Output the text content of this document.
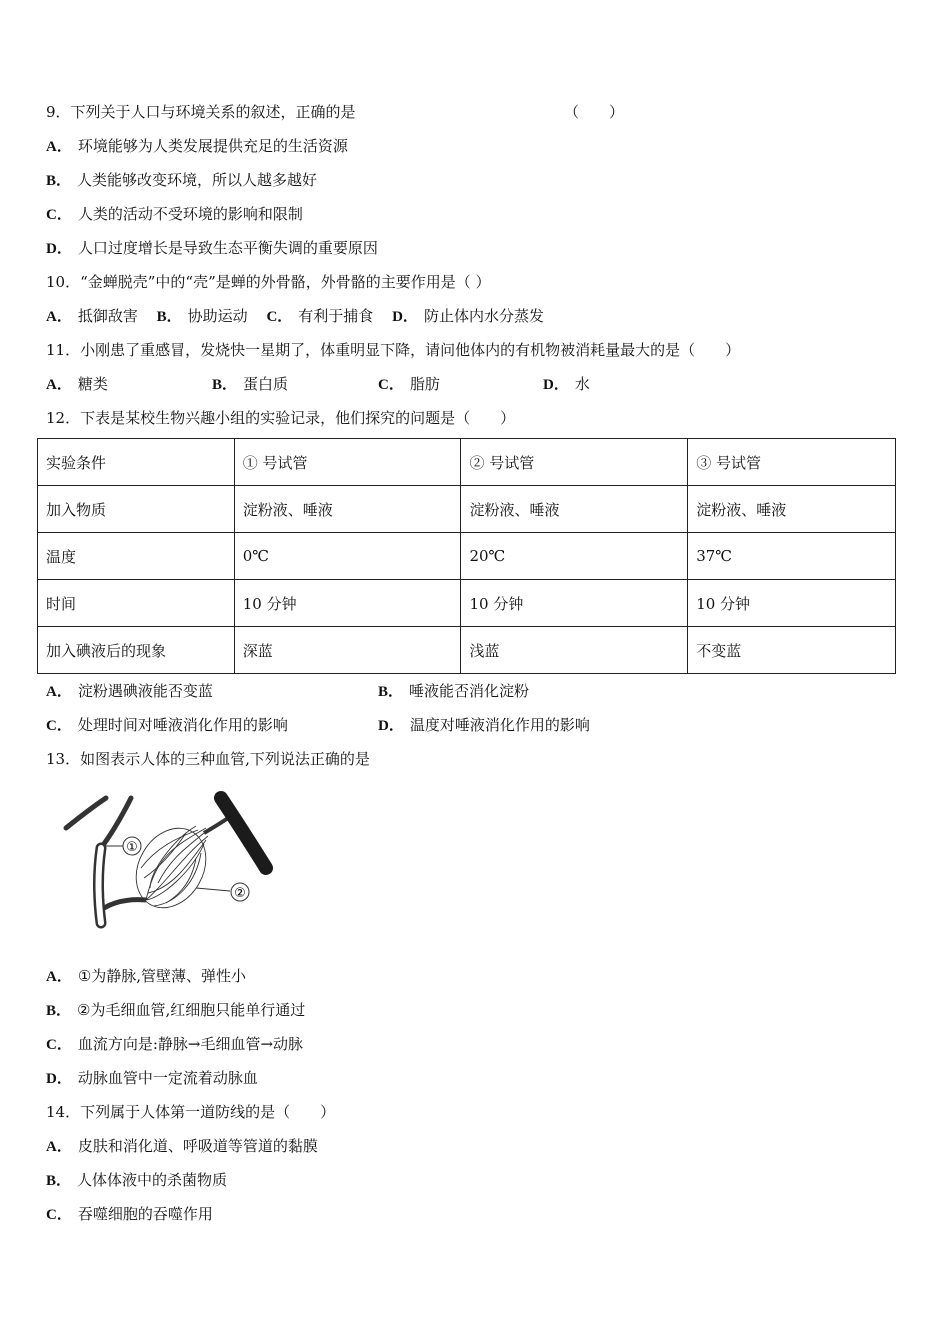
9．下列关于人口与环境关系的叙述，正确的是	（　　）
A． 环境能够为人类发展提供充足的生活资源
B． 人类能够改变环境，所以人越多越好
C． 人类的活动不受环境的影响和限制
D． 人口过度增长是导致生态平衡失调的重要原因
10．“金蝉脱壳”中的“壳”是蝉的外骨骼，外骨骼的主要作用是（ ）
A． 抵御敌害 B． 协助运动 C． 有利于捕食 D． 防止体内水分蒸发
11．小刚患了重感冒，发烧快一星期了，体重明显下降，请问他体内的有机物被消耗量最大的是（　　）
A． 糖类	B． 蛋白质	C． 脂肪	D． 水
12．下表是某校生物兴趣小组的实验记录，他们探究的问题是（　　）
实验条件	① 号试管	② 号试管	③ 号试管
加入物质	淀粉液、唾液	淀粉液、唾液	淀粉液、唾液
温度	0℃	20℃	37℃
时间	10 分钟	10 分钟	10 分钟
加入碘液后的现象	深蓝	浅蓝	不变蓝
A． 淀粉遇碘液能否变蓝	B． 唾液能否消化淀粉
C． 处理时间对唾液消化作用的影响	D． 温度对唾液消化作用的影响
13．如图表示人体的三种血管,下列说法正确的是
①
②
A． ①为静脉,管壁薄、弹性小
B． ②为毛细血管,红细胞只能单行通过
C． 血流方向是:静脉→毛细血管→动脉
D． 动脉血管中一定流着动脉血
14．下列属于人体第一道防线的是（　　）
A． 皮肤和消化道、呼吸道等管道的黏膜
B． 人体体液中的杀菌物质
C． 吞噬细胞的吞噬作用
